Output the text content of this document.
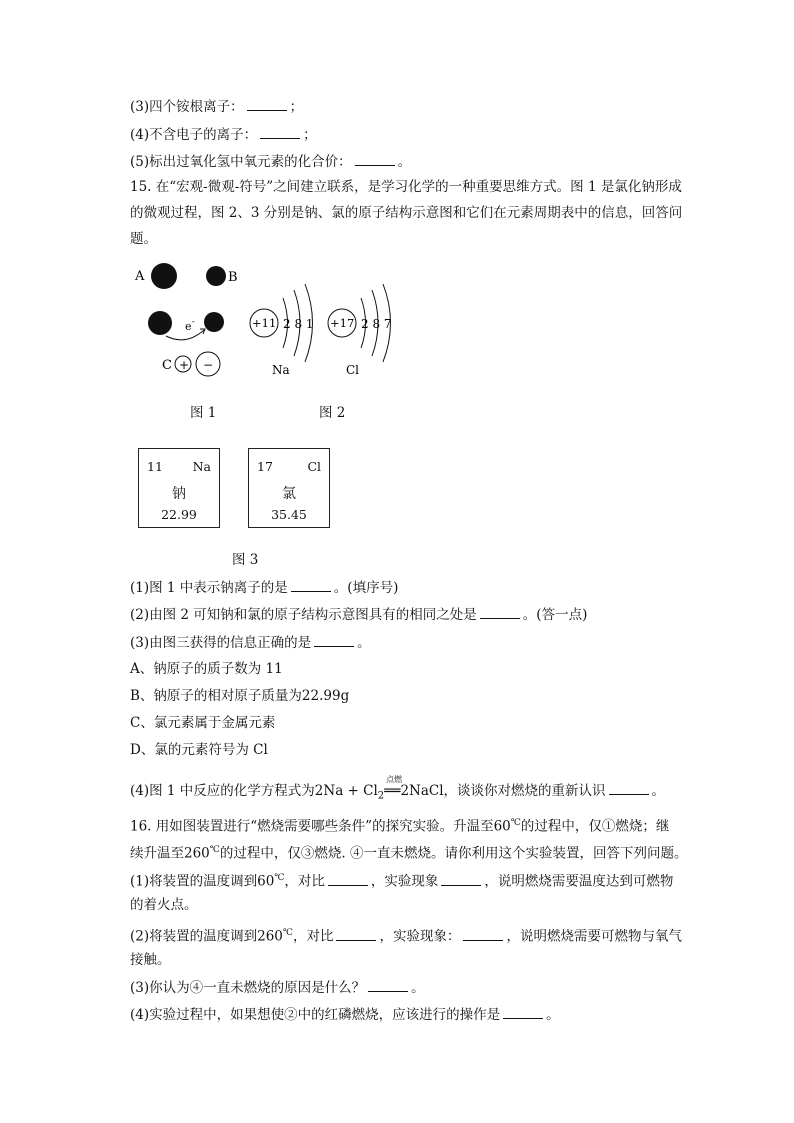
(3)四个铵根离子：	；
(4)不含电子的离子：	；
(5)标出过氧化氢中氧元素的化合价：	。
15. 在“宏观-微观-符号”之间建立联系，是学习化学的一种重要思维方式。图 1 是氯化钠形成的微观过程，图 2、3 分别是钠、氯的原子结构示意图和它们在元素周期表中的信息，回答问题。
A	B
e -
C + −
+11 2 8 1
Na
+17 2 8 7
Cl
图 1	图 2
11 Na
钠
22.99
17	Cl
氯
35.45
图 3
(1)图 1 中表示钠离子的是	。(填序号)
(2)由图 2 可知钠和氯的原子结构示意图具有的相同之处是	。(答一点)
(3)由图三获得的信息正确的是	。
A、钠原子的质子数为 11
B、钠原子的相对原子质量为22.99g
C、氯元素属于金属元素
D、氯的元素符号为 Cl
(4)图 1 中反应的化学方程式为$2Na + Cl_2$
点燃
══2NaCl，谈谈你对燃烧的重新认识	。
16. 用如图装置进行“燃烧需要哪些条件”的探究实验。升温至60℃的过程中，仅①燃烧；继
续升温至260℃的过程中，仅③燃烧. ④一直未燃烧。请你利用这个实验装置，回答下列问题。
(1)将装置的温度调到60℃，对比	，实验现象	，说明燃烧需要温度达到可燃物
的着火点。
(2)将装置的温度调到260℃，对比	，实验现象：	，说明燃烧需要可燃物与氧气
接触。
(3)你认为④一直未燃烧的原因是什么？	。
(4)实验过程中，如果想使②中的红磷燃烧，应该进行的操作是	。
